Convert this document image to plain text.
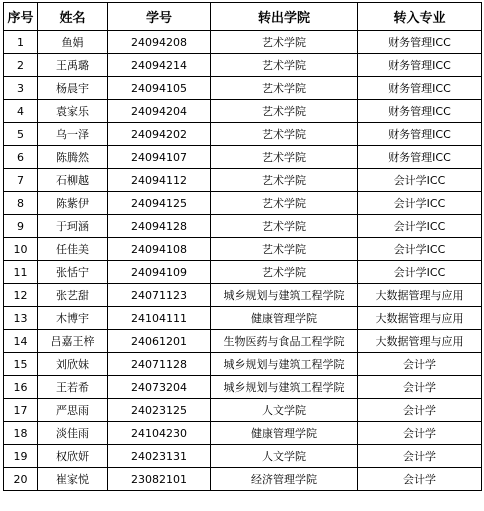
序号	姓名	学号	转出学院	转入专业
1	鱼娟	24094208	艺术学院	财务管理ICC
2	王禹璐	24094214	艺术学院	财务管理ICC
3	杨晨宇	24094105	艺术学院	财务管理ICC
4	袁家乐	24094204	艺术学院	财务管理ICC
5	乌一泽	24094202	艺术学院	财务管理ICC
6	陈腾然	24094107	艺术学院	财务管理ICC
7	石柳越	24094112	艺术学院	会计学ICC
8	陈紫伊	24094125	艺术学院	会计学ICC
9	于珂涵	24094128	艺术学院	会计学ICC
10	任佳美	24094108	艺术学院	会计学ICC
11	张恬宁	24094109	艺术学院	会计学ICC
12	张艺甜	24071123	城乡规划与建筑工程学院	大数据管理与应用
13	木博宇	24104111	健康管理学院	大数据管理与应用
14	吕嘉王梓	24061201	生物医药与食品工程学院	大数据管理与应用
15	刘欣妹	24071128	城乡规划与建筑工程学院	会计学
16	王若希	24073204	城乡规划与建筑工程学院	会计学
17	严思雨	24023125	人文学院	会计学
18	淡佳雨	24104230	健康管理学院	会计学
19	权欣妍	24023131	人文学院	会计学
20	崔家悦	23082101	经济管理学院	会计学
